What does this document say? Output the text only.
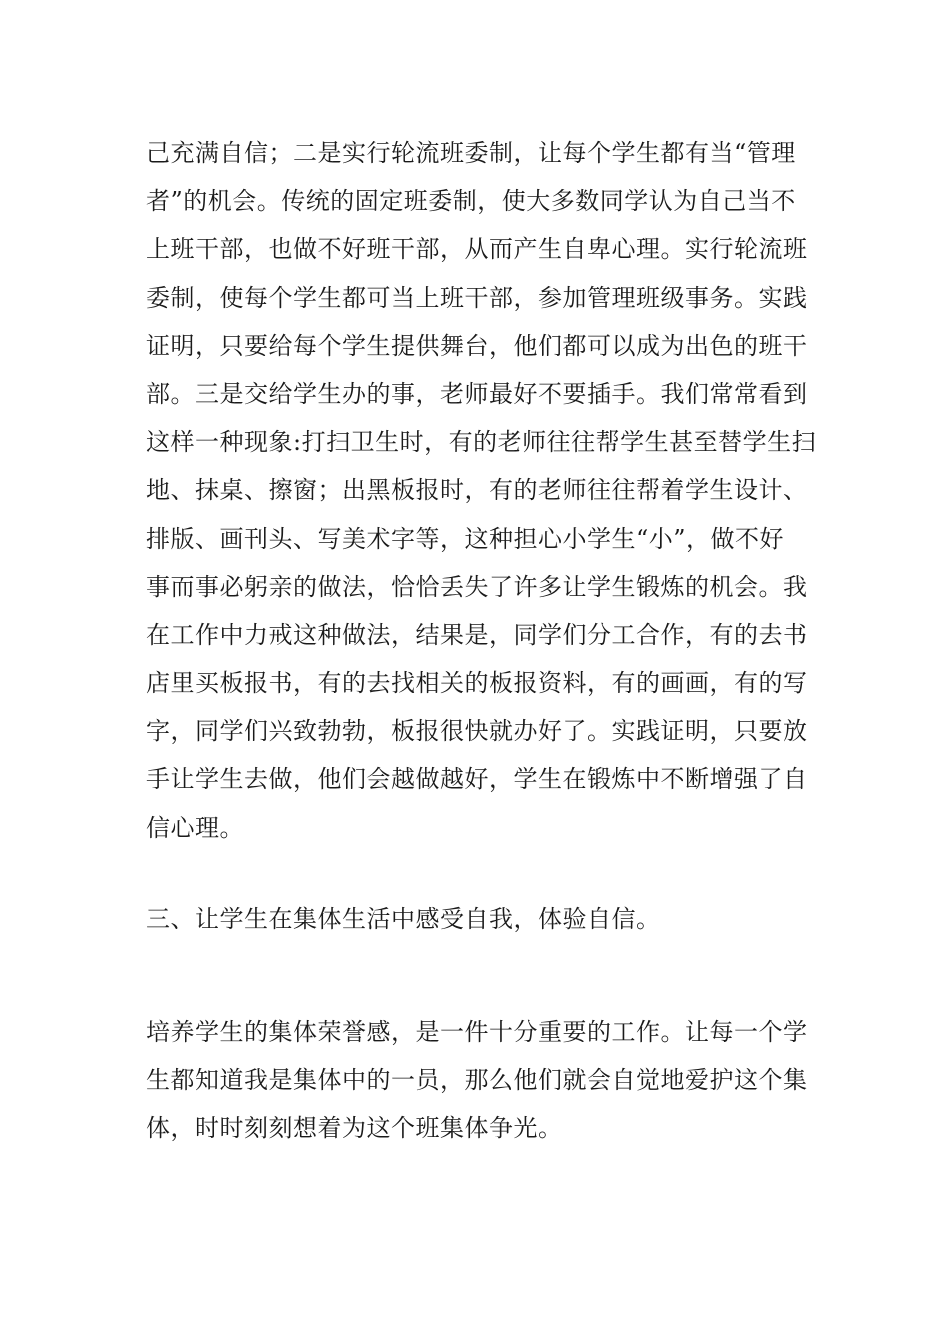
己充满自信；二是实行轮流班委制，让每个学生都有当“管理
者”的机会。传统的固定班委制，使大多数同学认为自己当不
上班干部，也做不好班干部，从而产生自卑心理。实行轮流班
委制，使每个学生都可当上班干部，参加管理班级事务。实践
证明，只要给每个学生提供舞台，他们都可以成为出色的班干
部。三是交给学生办的事，老师最好不要插手。我们常常看到
这样一种现象:打扫卫生时，有的老师往往帮学生甚至替学生扫
地、抹桌、擦窗；出黑板报时，有的老师往往帮着学生设计、
排版、画刊头、写美术字等，这种担心小学生“小”，做不好
事而事必躬亲的做法，恰恰丢失了许多让学生锻炼的机会。我
在工作中力戒这种做法，结果是，同学们分工合作，有的去书
店里买板报书，有的去找相关的板报资料，有的画画，有的写
字，同学们兴致勃勃，板报很快就办好了。实践证明，只要放
手让学生去做，他们会越做越好，学生在锻炼中不断增强了自
信心理。
三、让学生在集体生活中感受自我，体验自信。
培养学生的集体荣誉感，是一件十分重要的工作。让每一个学
生都知道我是集体中的一员，那么他们就会自觉地爱护这个集
体，时时刻刻想着为这个班集体争光。
